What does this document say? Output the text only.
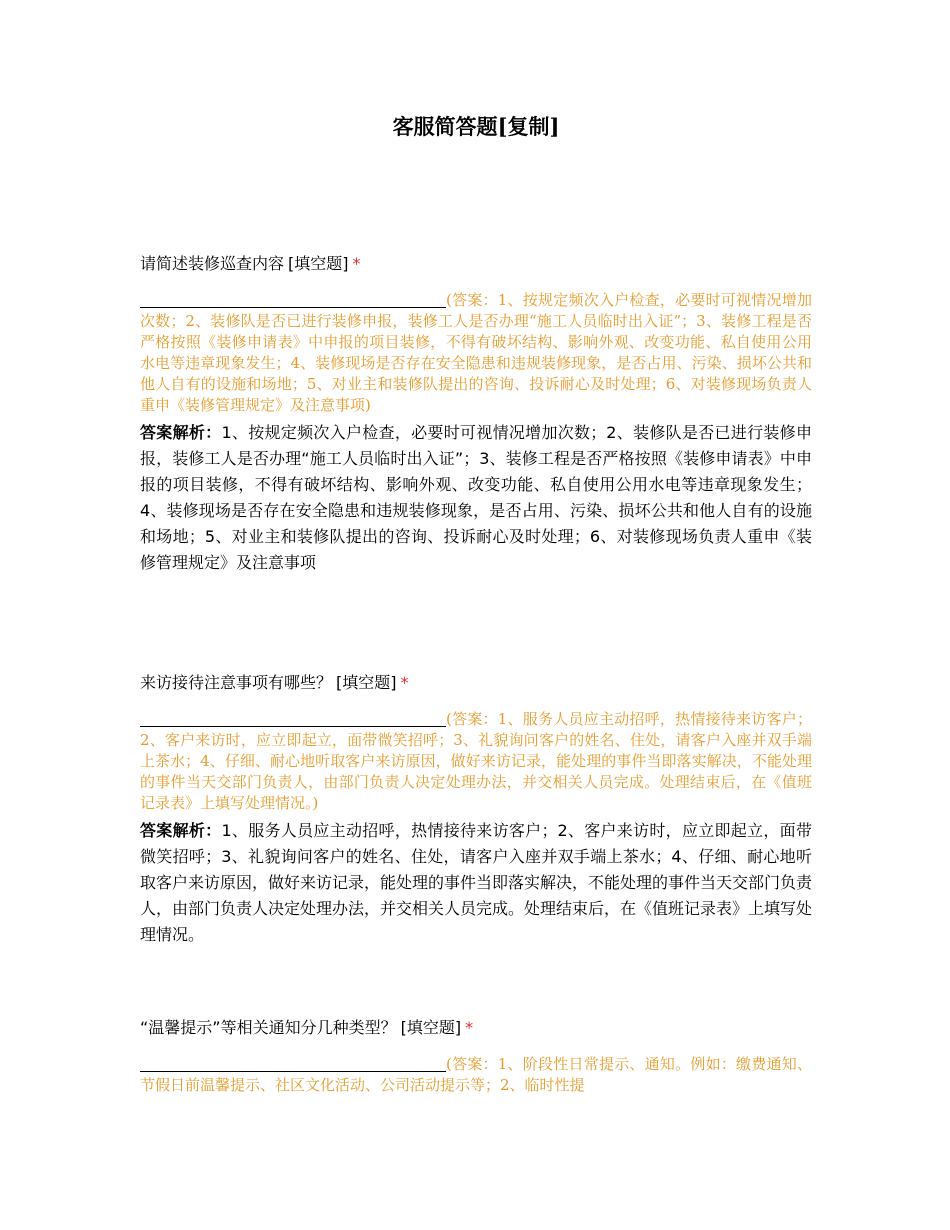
客服简答题[复制]

请简述装修巡查内容 [填空题] *

(答案：1、按规定频次入户检查，必要时可视情况增加次数；2、装修队是否已进行装修申报，装修工人是否办理“施工人员临时出入证”；3、装修工程是否严格按照《装修申请表》中申报的项目装修，不得有破坏结构、影响外观、改变功能、私自使用公用水电等违章现象发生；4、装修现场是否存在安全隐患和违规装修现象，是否占用、污染、损坏公共和他人自有的设施和场地；5、对业主和装修队提出的咨询、投诉耐心及时处理；6、对装修现场负责人重申《装修管理规定》及注意事项)

答案解析：1、按规定频次入户检查，必要时可视情况增加次数；2、装修队是否已进行装修申报，装修工人是否办理“施工人员临时出入证”；3、装修工程是否严格按照《装修申请表》中申报的项目装修，不得有破坏结构、影响外观、改变功能、私自使用公用水电等违章现象发生；4、装修现场是否存在安全隐患和违规装修现象，是否占用、污染、损坏公共和他人自有的设施和场地；5、对业主和装修队提出的咨询、投诉耐心及时处理；6、对装修现场负责人重申《装修管理规定》及注意事项

来访接待注意事项有哪些？ [填空题] *

(答案：1、服务人员应主动招呼，热情接待来访客户；2、客户来访时，应立即起立，面带微笑招呼；3、礼貌询问客户的姓名、住处，请客户入座并双手端上茶水；4、仔细、耐心地听取客户来访原因，做好来访记录，能处理的事件当即落实解决，不能处理的事件当天交部门负责人，由部门负责人决定处理办法，并交相关人员完成。处理结束后，在《值班记录表》上填写处理情况。)

答案解析：1、服务人员应主动招呼，热情接待来访客户；2、客户来访时，应立即起立，面带微笑招呼；3、礼貌询问客户的姓名、住处，请客户入座并双手端上茶水；4、仔细、耐心地听取客户来访原因，做好来访记录，能处理的事件当即落实解决，不能处理的事件当天交部门负责人，由部门负责人决定处理办法，并交相关人员完成。处理结束后，在《值班记录表》上填写处理情况。

“温馨提示”等相关通知分几种类型？ [填空题] *

(答案：1、阶段性日常提示、通知。例如：缴费通知、节假日前温馨提示、社区文化活动、公司活动提示等；2、临时性提
